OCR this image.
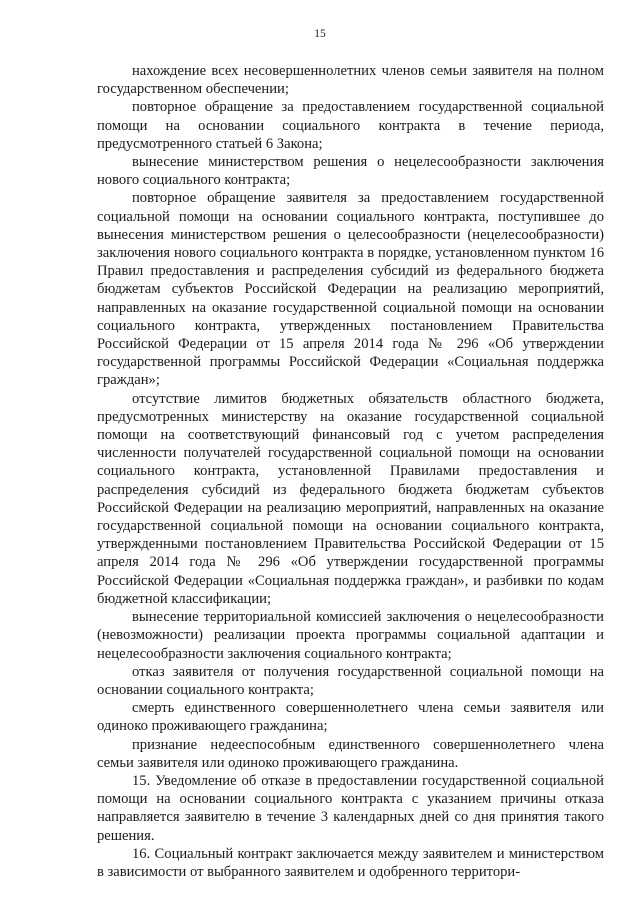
15

нахождение всех несовершеннолетних членов семьи заявителя на полном государственном обеспечении;

повторное обращение за предоставлением государственной социальной помощи на основании социального контракта в течение периода, предусмотренного статьей 6 Закона;

вынесение министерством решения о нецелесообразности заключения нового социального контракта;

повторное обращение заявителя за предоставлением государственной социальной помощи на основании социального контракта, поступившее до вынесения министерством решения о целесообразности (нецелесообразности) заключения нового социального контракта в порядке, установленном пунктом 16 Правил предоставления и распределения субсидий из федерального бюджета бюджетам субъектов Российской Федерации на реализацию мероприятий, направленных на оказание государственной социальной помощи на основании социального контракта, утвержденных постановлением Правительства Российской Федерации от 15 апреля 2014 года № 296 «Об утверждении государственной программы Российской Федерации «Социальная поддержка граждан»;

отсутствие лимитов бюджетных обязательств областного бюджета, предусмотренных министерству на оказание государственной социальной помощи на соответствующий финансовый год с учетом распределения численности получателей государственной социальной помощи на основании социального контракта, установленной Правилами предоставления и распределения субсидий из федерального бюджета бюджетам субъектов Российской Федерации на реализацию мероприятий, направленных на оказание государственной социальной помощи на основании социального контракта, утвержденными постановлением Правительства Российской Федерации от 15 апреля 2014 года № 296 «Об утверждении государственной программы Российской Федерации «Социальная поддержка граждан», и разбивки по кодам бюджетной классификации;

вынесение территориальной комиссией заключения о нецелесообразности (невозможности) реализации проекта программы социальной адаптации и нецелесообразности заключения социального контракта;

отказ заявителя от получения государственной социальной помощи на основании социального контракта;

смерть единственного совершеннолетнего члена семьи заявителя или одиноко проживающего гражданина;

признание недееспособным единственного совершеннолетнего члена семьи заявителя или одиноко проживающего гражданина.

15. Уведомление об отказе в предоставлении государственной социальной помощи на основании социального контракта с указанием причины отказа направляется заявителю в течение 3 календарных дней со дня принятия такого решения.

16. Социальный контракт заключается между заявителем и министерством в зависимости от выбранного заявителем и одобренного территори-
